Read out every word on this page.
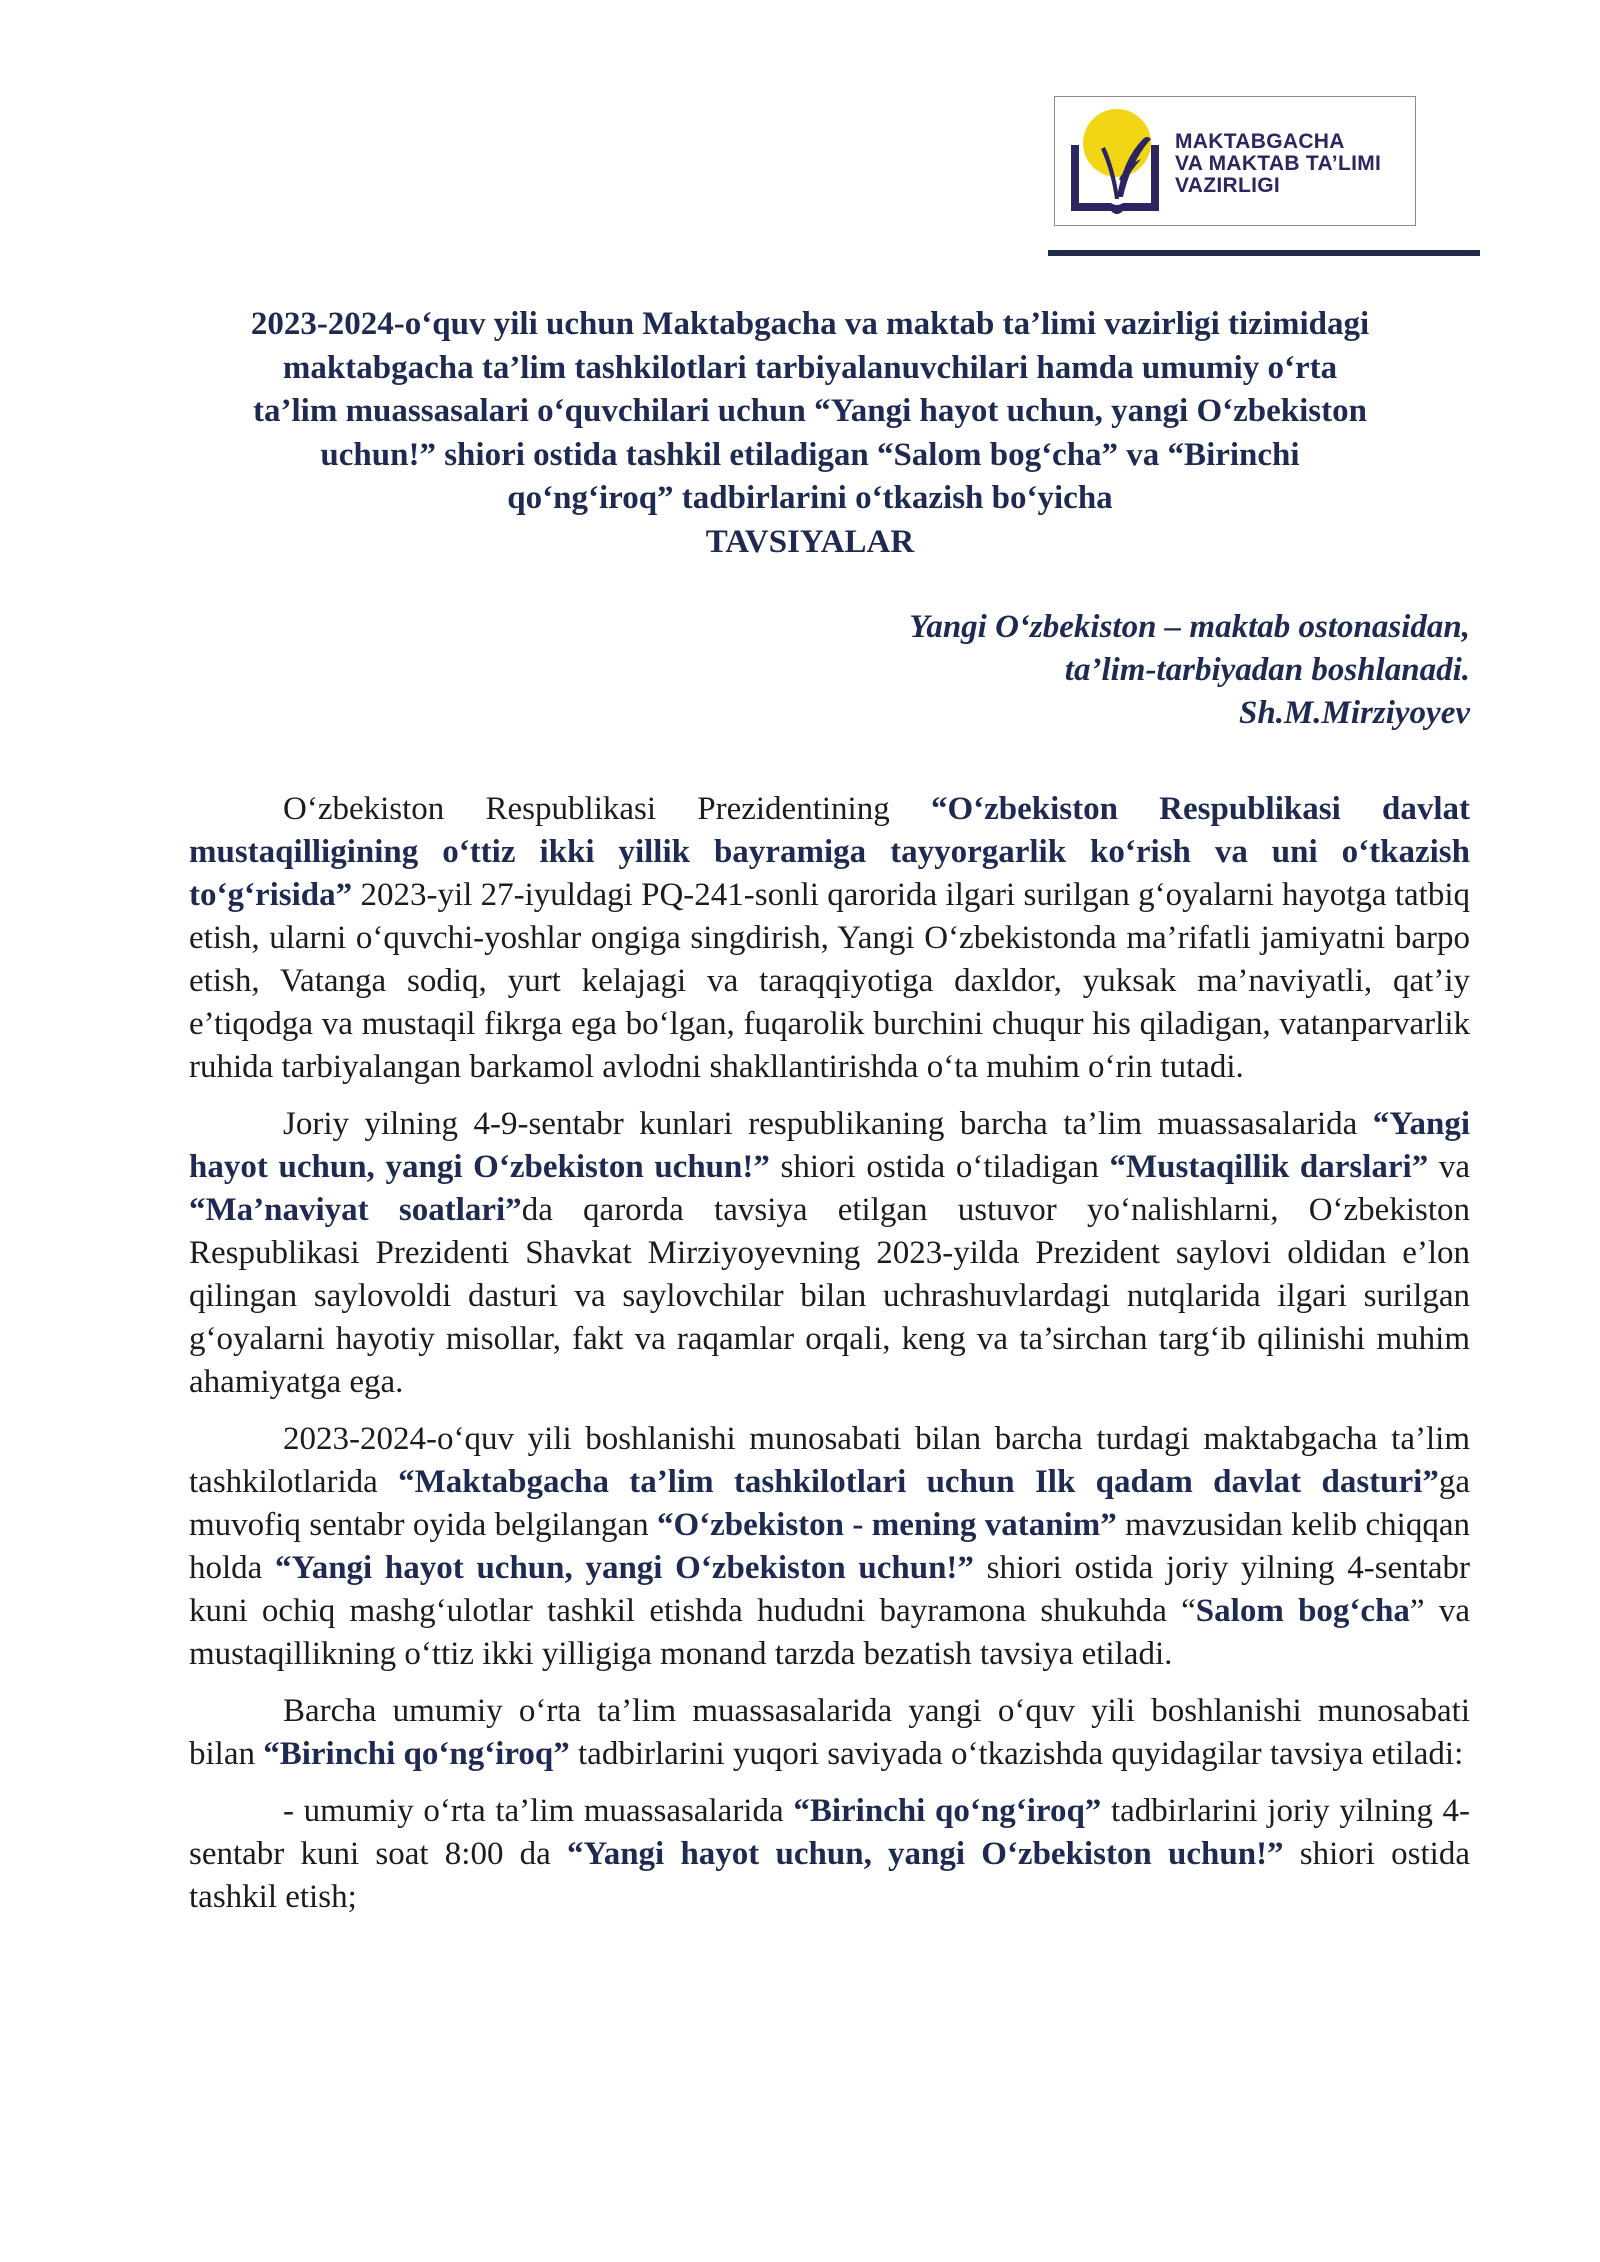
MAKTABGACHA
VA MAKTAB TA’LIMI
VAZIRLIGI
2023-2024-o‘quv yili uchun Maktabgacha va maktab ta’limi vazirligi tizimidagi
maktabgacha ta’lim tashkilotlari tarbiyalanuvchilari hamda umumiy o‘rta
ta’lim muassasalari o‘quvchilari uchun “Yangi hayot uchun, yangi O‘zbekiston
uchun!” shiori ostida tashkil etiladigan “Salom bog‘cha” va “Birinchi
qo‘ng‘iroq” tadbirlarini o‘tkazish bo‘yicha
TAVSIYALAR
Yangi O‘zbekiston – maktab ostonasidan,
ta’lim-tarbiyadan boshlanadi.
Sh.M.Mirziyoyev

O‘zbekiston Respublikasi Prezidentining “O‘zbekiston Respublikasi davlat mustaqilligining o‘ttiz ikki yillik bayramiga tayyorgarlik ko‘rish va uni o‘tkazish to‘g‘risida” 2023-yil 27-iyuldagi PQ-241-sonli qarorida ilgari surilgan g‘oyalarni hayotga tatbiq etish, ularni o‘quvchi-yoshlar ongiga singdirish, Yangi O‘zbekistonda ma’rifatli jamiyatni barpo etish, Vatanga sodiq, yurt kelajagi va taraqqiyotiga daxldor, yuksak ma’naviyatli, qat’iy e’tiqodga va mustaqil fikrga ega bo‘lgan, fuqarolik burchini chuqur his qiladigan, vatanparvarlik ruhida tarbiyalangan barkamol avlodni shakllantirishda o‘ta muhim o‘rin tutadi.

Joriy yilning 4-9-sentabr kunlari respublikaning barcha ta’lim muassasalarida “Yangi hayot uchun, yangi O‘zbekiston uchun!” shiori ostida o‘tiladigan “Mustaqillik darslari” va “Ma’naviyat soatlari”da qarorda tavsiya etilgan ustuvor yo‘nalishlarni, O‘zbekiston Respublikasi Prezidenti Shavkat Mirziyoyevning 2023-yilda Prezident saylovi oldidan e’lon qilingan saylovoldi dasturi va saylovchilar bilan uchrashuvlardagi nutqlarida ilgari surilgan g‘oyalarni hayotiy misollar, fakt va raqamlar orqali, keng va ta’sirchan targ‘ib qilinishi muhim ahamiyatga ega.

2023-2024-o‘quv yili boshlanishi munosabati bilan barcha turdagi maktabgacha ta’lim tashkilotlarida “Maktabgacha ta’lim tashkilotlari uchun Ilk qadam davlat dasturi”ga muvofiq sentabr oyida belgilangan “O‘zbekiston - mening vatanim” mavzusidan kelib chiqqan holda “Yangi hayot uchun, yangi O‘zbekiston uchun!” shiori ostida joriy yilning 4-sentabr kuni ochiq mashg‘ulotlar tashkil etishda hududni bayramona shukuhda “Salom bog‘cha” va mustaqillikning o‘ttiz ikki yilligiga monand tarzda bezatish tavsiya etiladi.

Barcha umumiy o‘rta ta’lim muassasalarida yangi o‘quv yili boshlanishi munosabati bilan “Birinchi qo‘ng‘iroq” tadbirlarini yuqori saviyada o‘tkazishda quyidagilar tavsiya etiladi:

- umumiy o‘rta ta’lim muassasalarida “Birinchi qo‘ng‘iroq” tadbirlarini joriy yilning 4-sentabr kuni soat 8:00 da “Yangi hayot uchun, yangi O‘zbekiston uchun!” shiori ostida tashkil etish;
